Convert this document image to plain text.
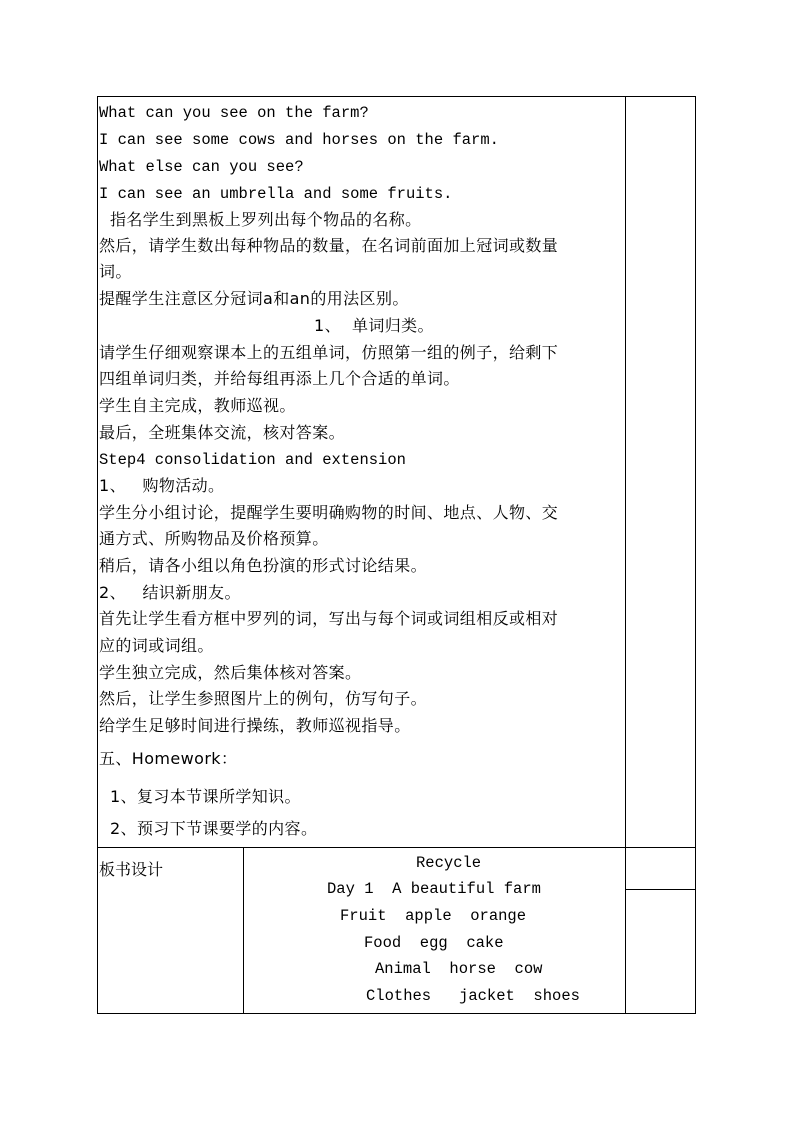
What can you see on the farm?
I can see some cows and horses on the farm.
What else can you see?
I can see an umbrella and some fruits.
指名学生到黑板上罗列出每个物品的名称。
然后，请学生数出每种物品的数量，在名词前面加上冠词或数量
词。
提醒学生注意区分冠词a和an的用法区别。
1、  单词归类。
请学生仔细观察课本上的五组单词，仿照第一组的例子，给剩下
四组单词归类，并给每组再添上几个合适的单词。
学生自主完成，教师巡视。
最后，全班集体交流，核对答案。
Step4 consolidation and extension
1、   购物活动。
学生分小组讨论，提醒学生要明确购物的时间、地点、人物、交
通方式、所购物品及价格预算。
稍后，请各小组以角色扮演的形式讨论结果。
2、   结识新朋友。
首先让学生看方框中罗列的词，写出与每个词或词组相反或相对
应的词或词组。
学生独立完成，然后集体核对答案。
然后，让学生参照图片上的例句，仿写句子。
给学生足够时间进行操练，教师巡视指导。
五、Homework：
1、复习本节课所学知识。
2、预习下节课要学的内容。
板书设计	Recycle
Day 1  A beautiful farm
Fruit  apple  orange
Food  egg  cake
Animal  horse  cow
Clothes   jacket  shoes
